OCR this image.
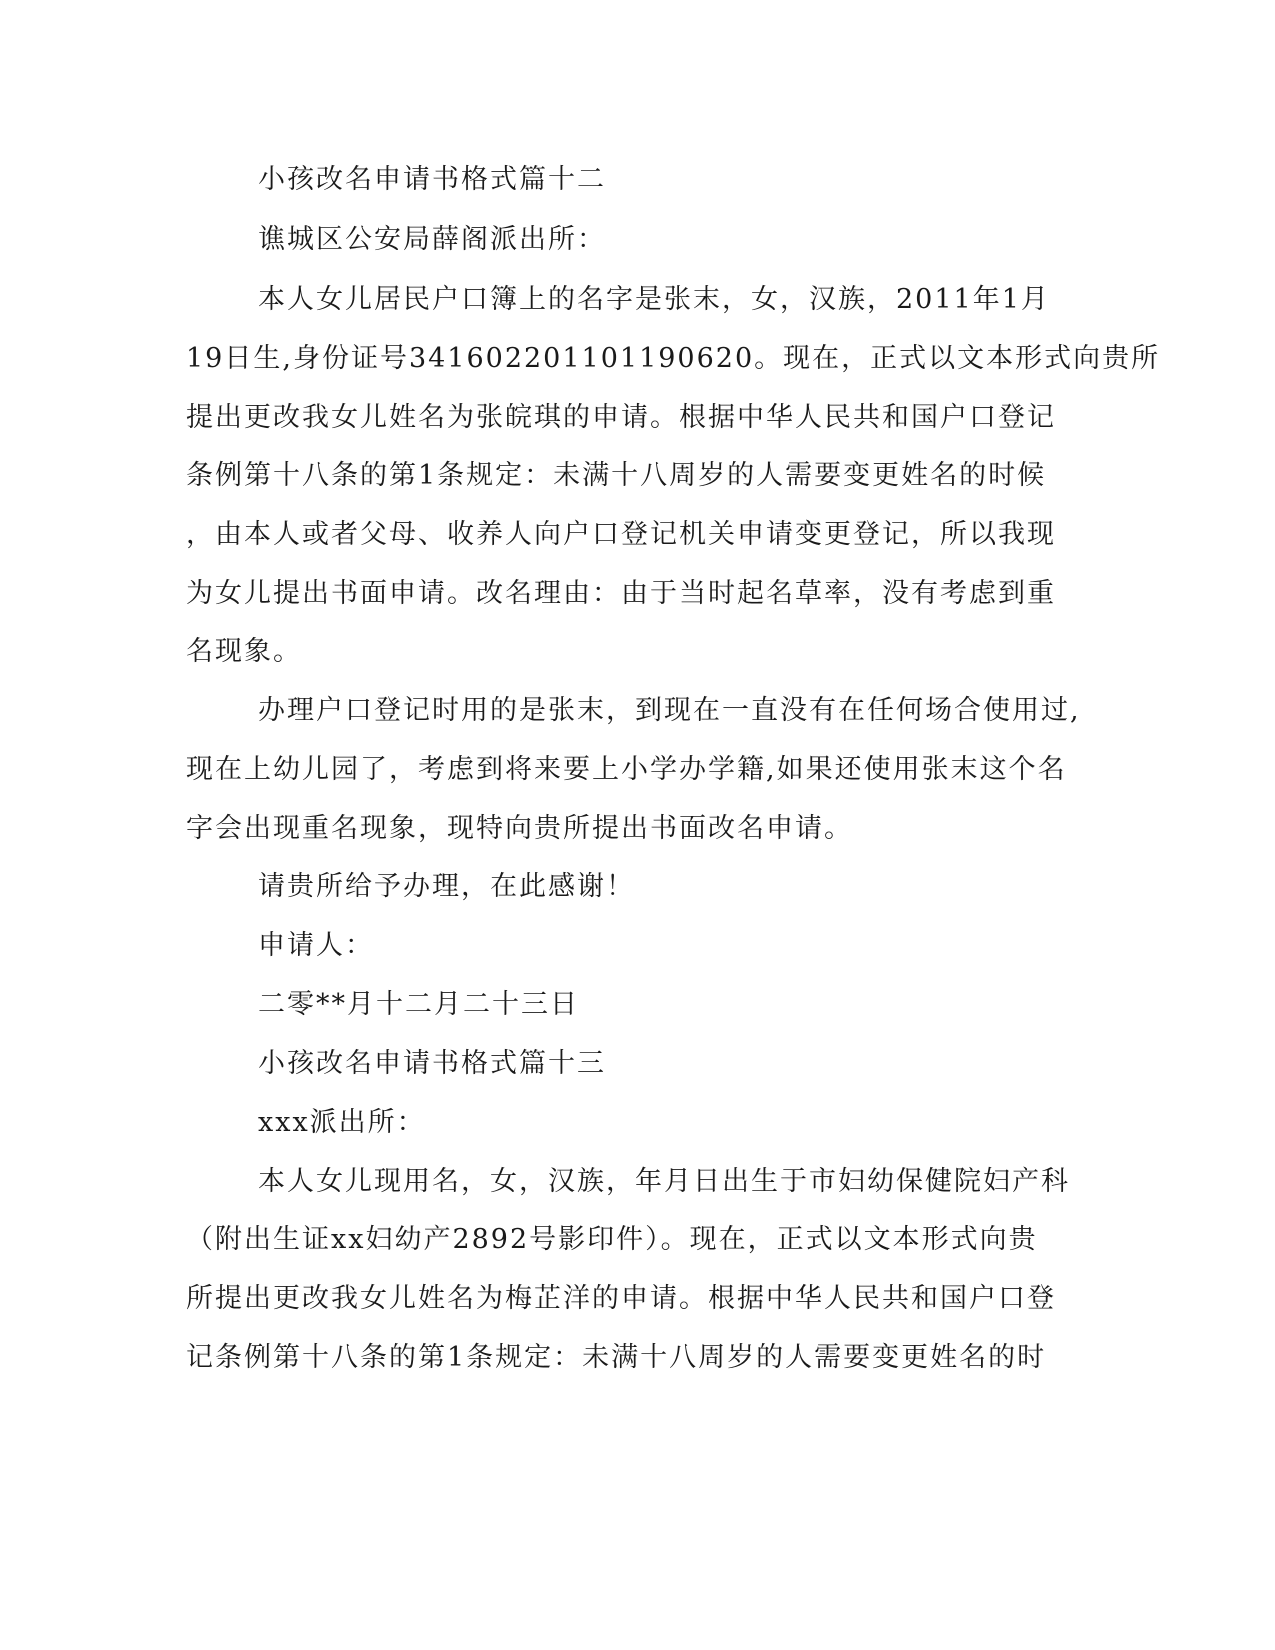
小孩改名申请书格式篇十二
谯城区公安局薛阁派出所：
本人女儿居民户口簿上的名字是张末，女，汉族，2011年1月
19日生,身份证号341602201101190620。现在，正式以文本形式向贵所
提出更改我女儿姓名为张皖琪的申请。根据中华人民共和国户口登记
条例第十八条的第1条规定：未满十八周岁的人需要变更姓名的时候
，由本人或者父母、收养人向户口登记机关申请变更登记，所以我现
为女儿提出书面申请。改名理由：由于当时起名草率，没有考虑到重
名现象。
办理户口登记时用的是张末，到现在一直没有在任何场合使用过,
现在上幼儿园了，考虑到将来要上小学办学籍,如果还使用张末这个名
字会出现重名现象，现特向贵所提出书面改名申请。
请贵所给予办理，在此感谢！
申请人：
二零**月十二月二十三日
小孩改名申请书格式篇十三
xxx派出所：
本人女儿现用名，女，汉族，年月日出生于市妇幼保健院妇产科
（附出生证xx妇幼产2892号影印件）。现在，正式以文本形式向贵
所提出更改我女儿姓名为梅芷洋的申请。根据中华人民共和国户口登
记条例第十八条的第1条规定：未满十八周岁的人需要变更姓名的时
